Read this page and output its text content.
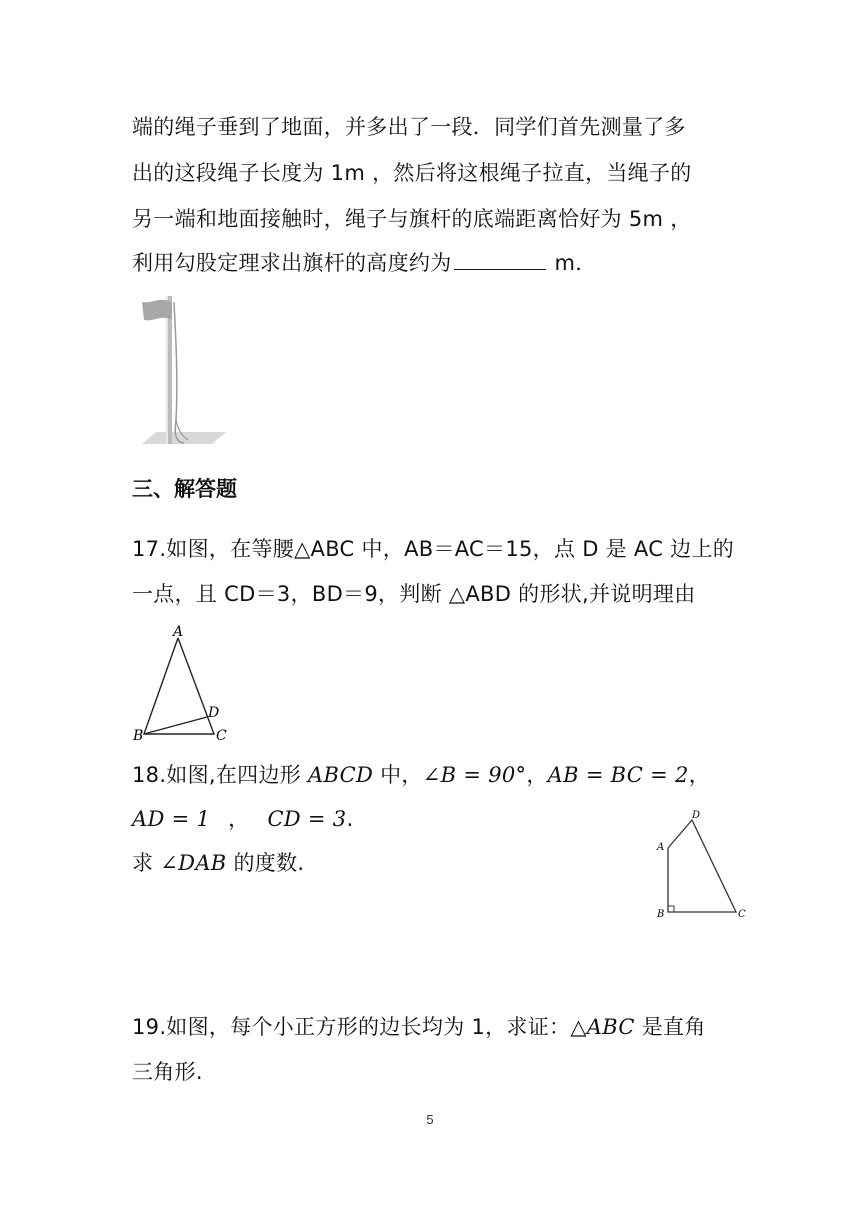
端的绳子垂到了地面，并多出了一段．同学们首先测量了多
出的这段绳子长度为 1m ，然后将这根绳子拉直，当绳子的
另一端和地面接触时，绳子与旗杆的底端距离恰好为 5m ，
利用勾股定理求出旗杆的高度约为	m．
三、解答题
17.如图，在等腰△ABC 中，AB＝AC＝15，点 D 是 AC 边上的
一点，且 CD＝3，BD＝9，判断 △ABD 的形状,并说明理由
A
B	C
D
18.如图,在四边形 ABCD 中，∠B = 90°，AB = BC = 2，
AD = 1 ， CD = 3.
求 ∠DAB 的度数.
A
B	C
D
19.如图，每个小正方形的边长均为 1，求证：△ABC 是直角
三角形.
5
